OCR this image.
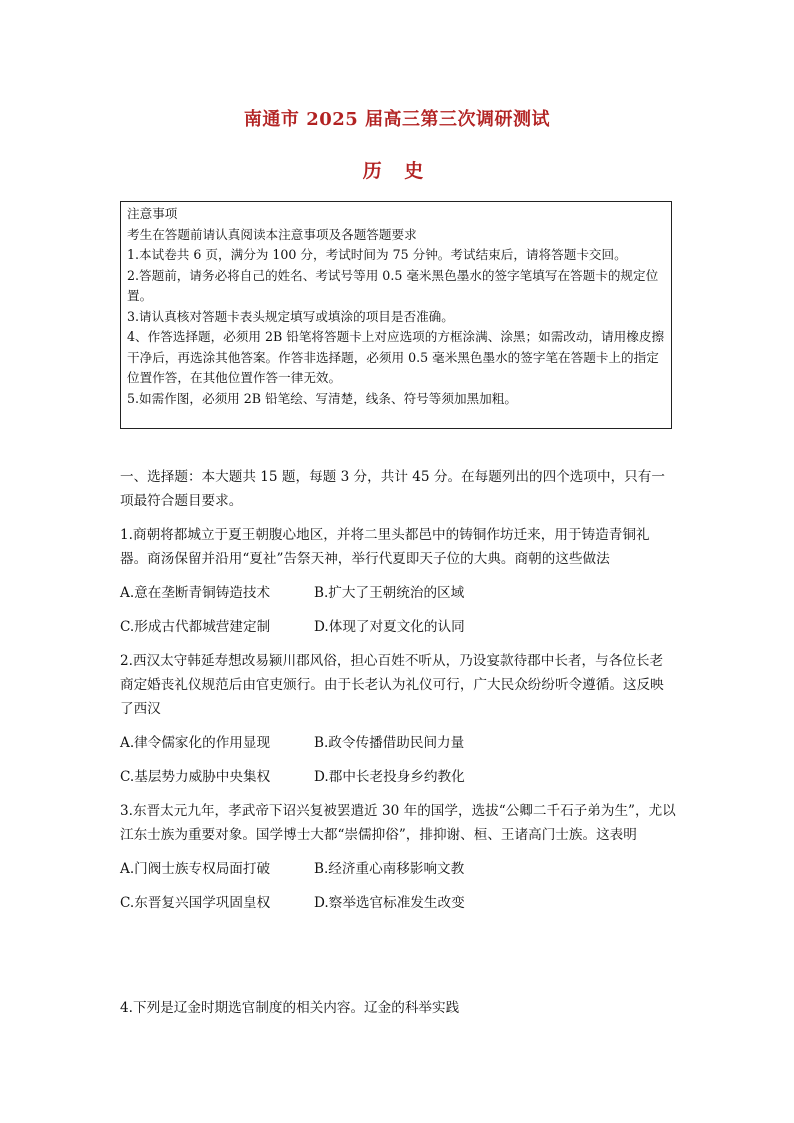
南通市 2025 届高三第三次调研测试
历 史
注意事项
考生在答题前请认真阅读本注意事项及各题答题要求
1.本试卷共 6 页，满分为 100 分，考试时间为 75 分钟。考试结束后，请将答题卡交回。
2.答题前，请务必将自己的姓名、考试号等用 0.5 毫米黑色墨水的签字笔填写在答题卡的规定位置。
3.请认真核对答题卡表头规定填写或填涂的项目是否准确。
4、作答选择题，必须用 2B 铅笔将答题卡上对应选项的方框涂满、涂黑；如需改动，请用橡皮擦干净后，再选涂其他答案。作答非选择题，必须用 0.5 毫米黑色墨水的签字笔在答题卡上的指定位置作答，在其他位置作答一律无效。
5.如需作图，必须用 2B 铅笔绘、写清楚，线条、符号等须加黑加粗。

一、选择题：本大题共 15 题，每题 3 分，共计 45 分。在每题列出的四个选项中，只有一项最符合题目要求。

1.商朝将都城立于夏王朝腹心地区，并将二里头都邑中的铸铜作坊迁来，用于铸造青铜礼器。商汤保留并沿用“夏社”告祭天神，举行代夏即天子位的大典。商朝的这些做法

A.意在垄断青铜铸造技术	B.扩大了王朝统治的区域
C.形成古代都城营建定制	D.体现了对夏文化的认同

2.西汉太守韩延寿想改易颍川郡风俗，担心百姓不听从，乃设宴款待郡中长者，与各位长老商定婚丧礼仪规范后由官吏颁行。由于长老认为礼仪可行，广大民众纷纷听令遵循。这反映了西汉

A.律令儒家化的作用显现	B.政令传播借助民间力量
C.基层势力威胁中央集权	D.郡中长老投身乡约教化

3.东晋太元九年，孝武帝下诏兴复被罢遣近 30 年的国学，选拔“公卿二千石子弟为生”，尤以江东士族为重要对象。国学博士大都“崇儒抑俗”，排抑谢、桓、王诸高门士族。这表明

A.门阀士族专权局面打破	B.经济重心南移影响文教
C.东晋复兴国学巩固皇权	D.察举选官标准发生改变
4.下列是辽金时期选官制度的相关内容。辽金的科举实践
